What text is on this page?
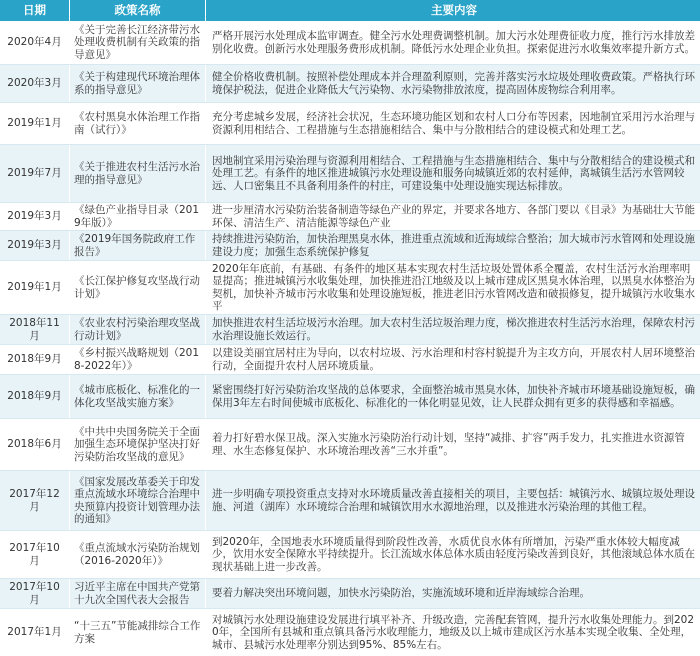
日期	政策名称	主要内容
2020年4月
《关于完善长江经济带污水处理收费机制有关政策的指导意见》
严格开展污水处理成本监审调查。健全污水处理费调整机制。加大污水处理费征收力度，推行污水排放差别化收费。创新污水处理服务费形成机制。降低污水处理企业负担。探索促进污水收集效率提升新方式。
2020年3月
《关于构建现代环境治理体系的指导意见》
健全价格收费机制。按照补偿处理成本并合理盈利原则，完善并落实污水垃圾处理收费政策。严格执行环境保护税法，促进企业降低大气污染物、水污染物排放浓度，提高固体废物综合利用率。
2019年1月
《农村黑臭水体治理工作指南（试行）》
充分考虑城乡发展，经济社会状况，生态环境功能区划和农村人口分布等因素，因地制宜采用污水治理与资源利用相结合、工程措施与生态措施相结合、集中与分散相结合的建设模式和处理工艺。
2019年7月
《关于推进农村生活污水治理的指导意见》
因地制宜采用污染治理与资源利用相结合、工程措施与生态措施相结合、集中与分散相结合的建设模式和处理工艺。有条件的地区推进城镇污水处理设施和服务向城镇近郊的农村延伸，离城镇生活污水管网较远、人口密集且不具备利用条件的村庄，可建设集中处理设施实现达标排放。
2019年3月
《绿色产业指导目录（2019年版）》
进一步厘清水污染防治装备制造等绿色产业的界定，并要求各地方、各部门要以《目录》为基础壮大节能环保、清洁生产、清洁能源等绿色产业
2019年3月
《2019年国务院政府工作报告》
持续推进污染防治，加快治理黑臭水体，推进重点流域和近海域综合整治；加大城市污水管网和处理设施建设力度；加强生态系统保护修复
2019年1月
《长江保护修复攻坚战行动计划》
2020年年底前，有基础、有条件的地区基本实现农村生活垃圾处置体系全覆盖，农村生活污水治理率明显提高；推进城镇污水收集处理，加快推进沿江地级及以上城市建成区黑臭水体治理，以黑臭水体整治为契机，加快补齐城市污水收集和处理设施短板，推进老旧污水管网改造和破损修复，提升城镇污水收集水平
2018年11月
《农业农村污染治理攻坚战行动计划》
加快推进农村生活垃圾污水治理。加大农村生活垃圾治理力度，梯次推进农村生活污水治理，保障农村污水治理设施长效运行。
2018年9月
《乡村振兴战略规划（2018-2022年）》
以建设美丽宜居村庄为导向，以农村垃圾、污水治理和村容村貌提升为主攻方向，开展农村人居环境整治行动，全面提升农村人居环境质量。
2018年9月
《城市底板化、标准化的一体化攻坚战实施方案》
紧密围绕打好污染防治攻坚战的总体要求，全面整治城市黑臭水体，加快补齐城市环境基础设施短板，确保用3年左右时间使城市底板化、标准化的一体化明显见效，让人民群众拥有更多的获得感和幸福感。
2018年6月
《中共中央国务院关于全面加强生态环境保护坚决打好污染防治攻坚战的意见》
着力打好碧水保卫战。深入实施水污染防治行动计划，坚持“减排、扩容”两手发力，扎实推进水资源管理、水生态修复保护、水环境治理改善“三水并重”。
2017年12月
《国家发展改革委关于印发重点流域水环境综合治理中央预算内投资计划管理办法的通知》
进一步明确专项投资重点支持对水环境质量改善直接相关的项目，主要包括：城镇污水、城镇垃圾处理设施、河道（湖库）水环境综合治理和城镇饮用水水源地治理，以及推进水污染治理的其他工程。
2017年10月
《重点流域水污染防治规划（2016-2020年）》
到2020年，全国地表水环境质量得到阶段性改善，水质优良水体有所增加，污染严重水体较大幅度减少，饮用水安全保障水平持续提升。长江流域水体总体水质由轻度污染改善到良好，其他滚域总体水质在现状基础上进一步改善。
2017年10月
习近平主席在中国共产党第十九次全国代表大会报告
要着力解决突出环境问题，加快水污染防治，实施流域环境和近岸海域综合治理。
2017年1月
“十三五”节能减排综合工作方案
对城镇污水处理设施建设发展进行填平补齐、升级改造，完善配套管网，提升污水收集处理能力。到2020年，全国所有县城和重点镇具备污水收理能力，地级及以上城市建成区污水基本实现全收集、全处理，城市、县城污水处理率分别达到95%、85%左右。
